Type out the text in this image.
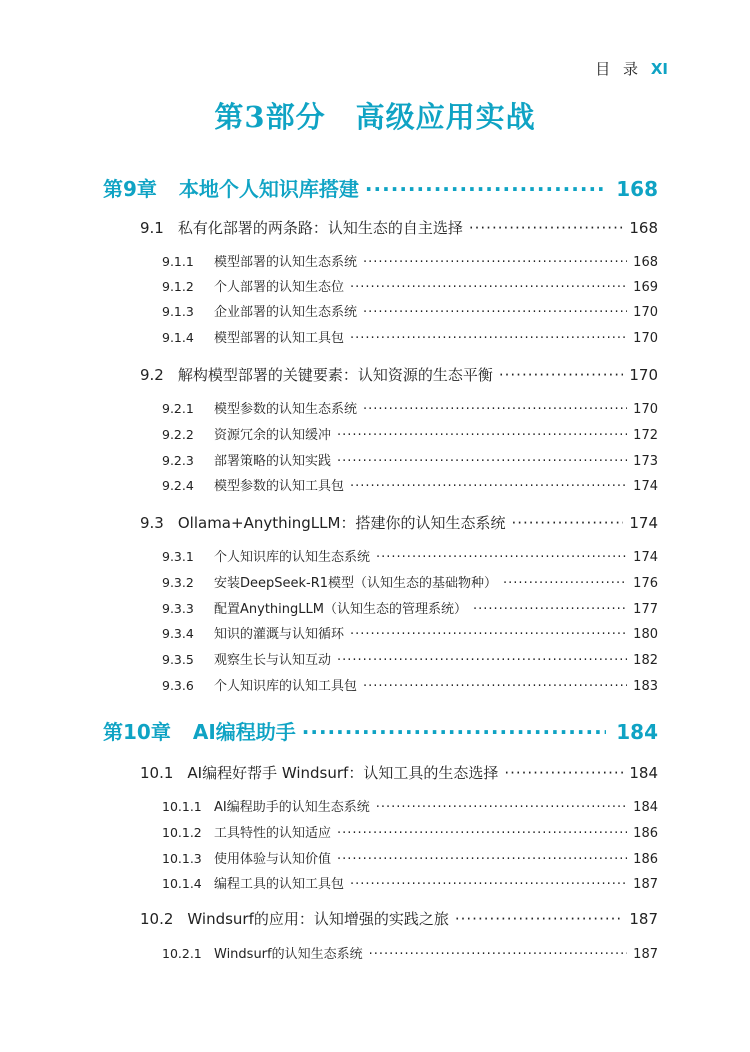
目 录 XI
第3部分　高级应用实战
第9章 本地个人知识库搭建 ·····	168
9.1 私有化部署的两条路：认知生态的自主选择 ·····	168
9.1.1	模型部署的认知生态系统 ·····	168
9.1.2	个人部署的认知生态位 ·····	169
9.1.3	企业部署的认知生态系统 ·····	170
9.1.4	模型部署的认知工具包 ·····	170
9.2 解构模型部署的关键要素：认知资源的生态平衡 ·····	170
9.2.1	模型参数的认知生态系统 ·····	170
9.2.2	资源冗余的认知缓冲 ·····	172
9.2.3	部署策略的认知实践 ·····	173
9.2.4	模型参数的认知工具包 ·····	174
9.3 Ollama+AnythingLLM：搭建你的认知生态系统 ·····	174
9.3.1	个人知识库的认知生态系统 ·····	174
9.3.2	安装DeepSeek-R1模型（认知生态的基础物种） ·····	176
9.3.3	配置AnythingLLM（认知生态的管理系统） ·····	177
9.3.4	知识的灌溉与认知循环 ·····	180
9.3.5	观察生长与认知互动 ·····	182
9.3.6	个人知识库的认知工具包 ·····	183
第10章 AI编程助手 ·····	184
10.1 AI编程好帮手 Windsurf：认知工具的生态选择 ·····	184
10.1.1 AI编程助手的认知生态系统 ·····	184
10.1.2 工具特性的认知适应 ·····	186
10.1.3 使用体验与认知价值 ·····	186
10.1.4 编程工具的认知工具包 ·····	187
10.2 Windsurf的应用：认知增强的实践之旅 ·····	187
10.2.1 Windsurf的认知生态系统 ·····	187
